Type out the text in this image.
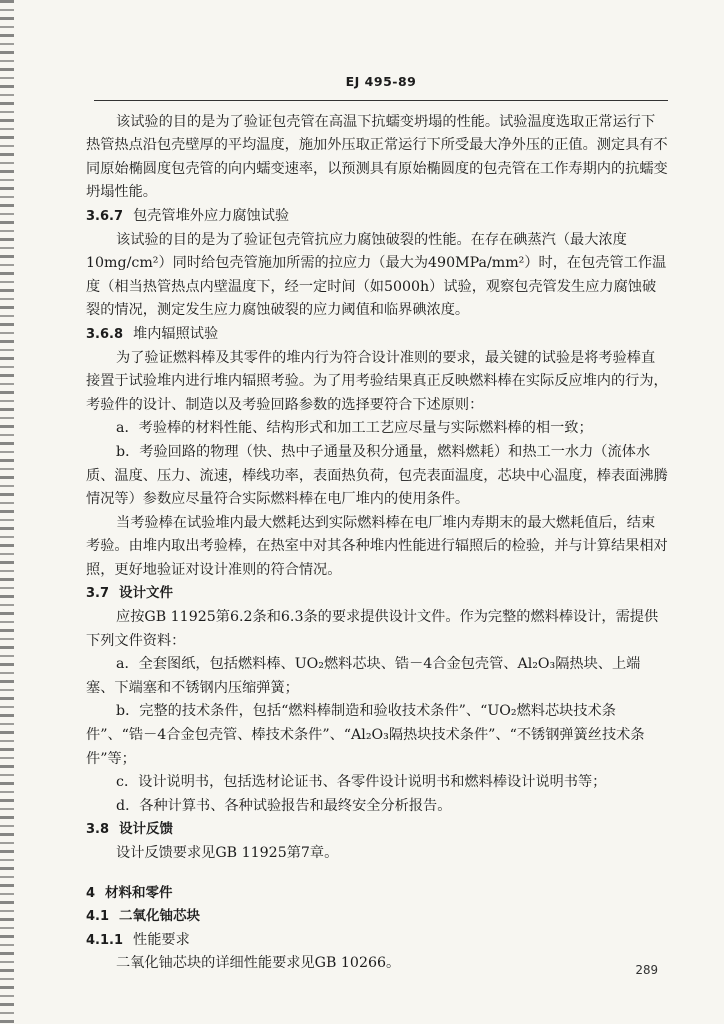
EJ 495-89

该试验的目的是为了验证包壳管在高温下抗蠕变坍塌的性能。试验温度选取正常运行下热管热点沿包壳壁厚的平均温度，施加外压取正常运行下所受最大净外压的正值。测定具有不同原始椭圆度包壳管的向内蠕变速率，以预测具有原始椭圆度的包壳管在工作寿期内的抗蠕变坍塌性能。

3.6.7 包壳管堆外应力腐蚀试验

该试验的目的是为了验证包壳管抗应力腐蚀破裂的性能。在存在碘蒸汽（最大浓度10mg/cm²）同时给包壳管施加所需的拉应力（最大为490MPa/mm²）时，在包壳管工作温度（相当热管热点内壁温度下，经一定时间（如5000h）试验，观察包壳管发生应力腐蚀破裂的情况，测定发生应力腐蚀破裂的应力阈值和临界碘浓度。

3.6.8 堆内辐照试验

为了验证燃料棒及其零件的堆内行为符合设计准则的要求，最关键的试验是将考验棒直接置于试验堆内进行堆内辐照考验。为了用考验结果真正反映燃料棒在实际反应堆内的行为，考验件的设计、制造以及考验回路参数的选择要符合下述原则：

a．考验棒的材料性能、结构形式和加工工艺应尽量与实际燃料棒的相一致；

b．考验回路的物理（快、热中子通量及积分通量，燃料燃耗）和热工一水力（流体水质、温度、压力、流速，棒线功率，表面热负荷，包壳表面温度，芯块中心温度，棒表面沸腾情况等）参数应尽量符合实际燃料棒在电厂堆内的使用条件。

当考验棒在试验堆内最大燃耗达到实际燃料棒在电厂堆内寿期末的最大燃耗值后，结束考验。由堆内取出考验棒，在热室中对其各种堆内性能进行辐照后的检验，并与计算结果相对照，更好地验证对设计准则的符合情况。

3.7 设计文件

应按GB 11925第6.2条和6.3条的要求提供设计文件。作为完整的燃料棒设计，需提供下列文件资料：

a．全套图纸，包括燃料棒、UO₂燃料芯块、锆－4合金包壳管、Al₂O₃隔热块、上端塞、下端塞和不锈钢内压缩弹簧；

b．完整的技术条件，包括“燃料棒制造和验收技术条件”、“UO₂燃料芯块技术条件”、“锆－4合金包壳管、棒技术条件”、“Al₂O₃隔热块技术条件”、“不锈钢弹簧丝技术条件”等；

c．设计说明书，包括选材论证书、各零件设计说明书和燃料棒设计说明书等；

d．各种计算书、各种试验报告和最终安全分析报告。

3.8 设计反馈

设计反馈要求见GB 11925第7章。

4 材料和零件

4.1 二氧化铀芯块

4.1.1 性能要求

二氧化铀芯块的详细性能要求见GB 10266。	289
